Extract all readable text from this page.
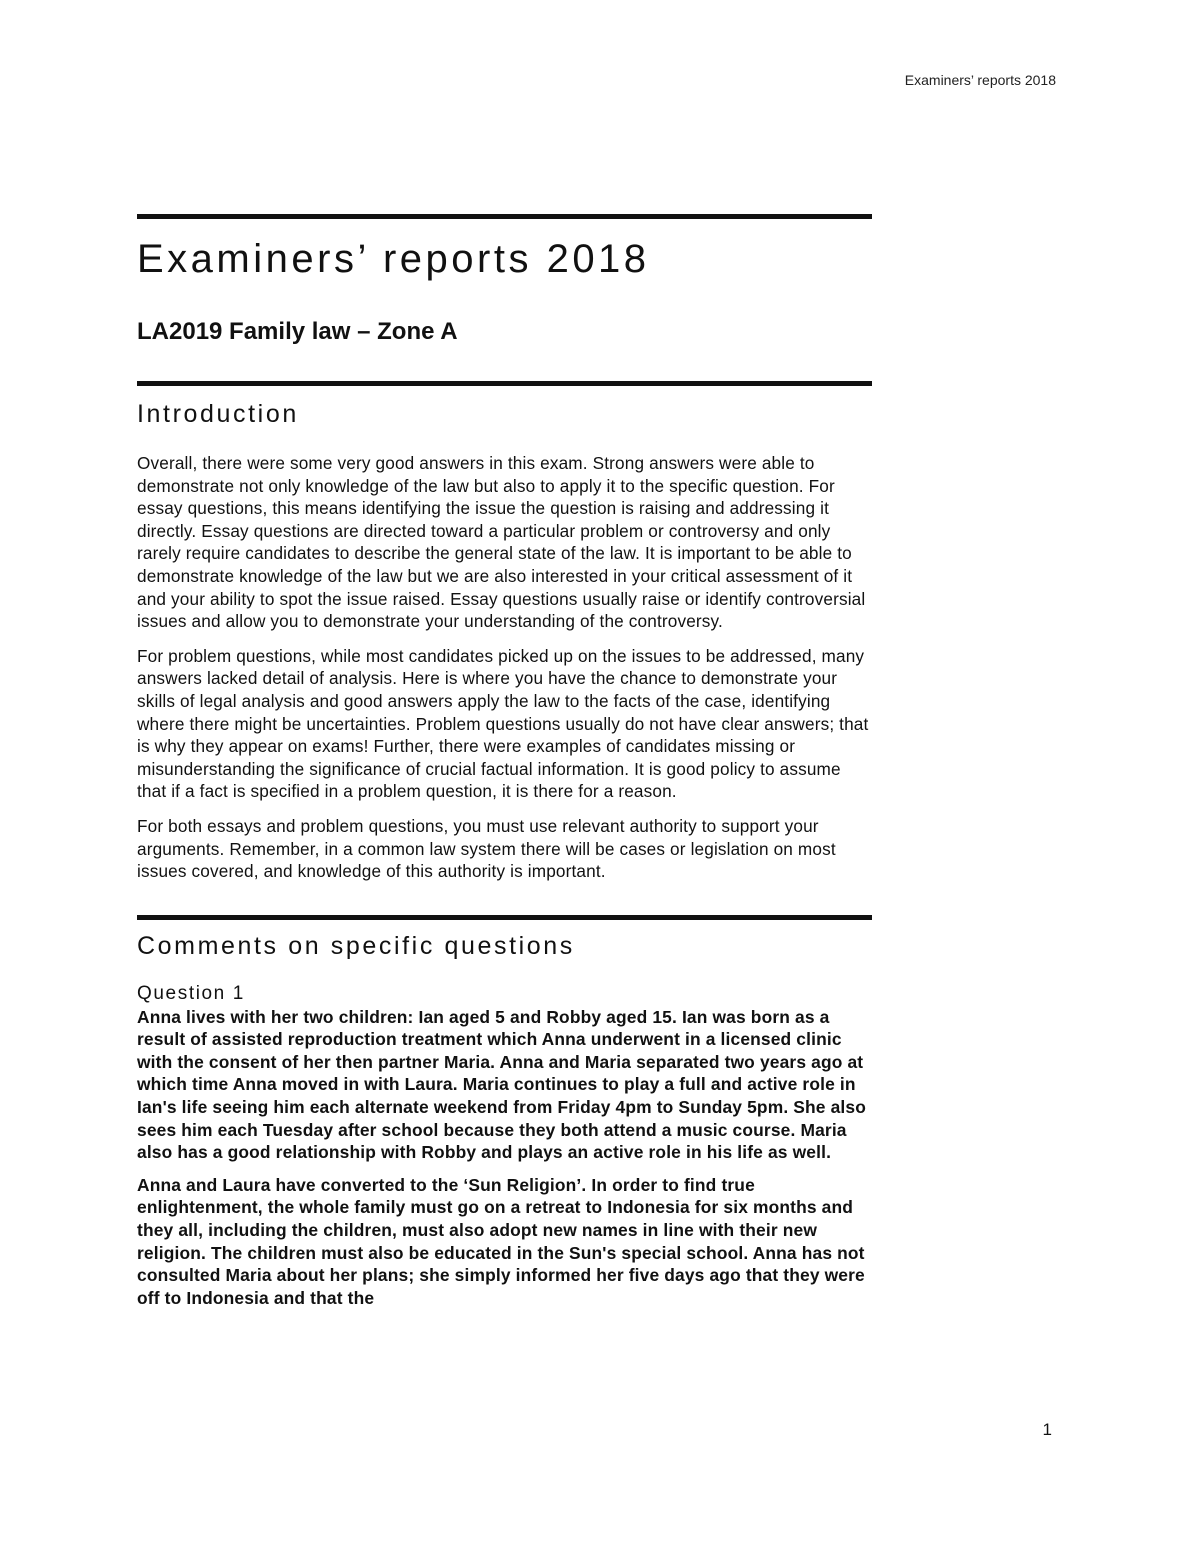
Examiners’ reports 2018
Examiners’ reports 2018
LA2019 Family law – Zone A
Introduction

Overall, there were some very good answers in this exam. Strong answers were able to demonstrate not only knowledge of the law but also to apply it to the specific question. For essay questions, this means identifying the issue the question is raising and addressing it directly. Essay questions are directed toward a particular problem or controversy and only rarely require candidates to describe the general state of the law. It is important to be able to demonstrate knowledge of the law but we are also interested in your critical assessment of it and your ability to spot the issue raised. Essay questions usually raise or identify controversial issues and allow you to demonstrate your understanding of the controversy.

For problem questions, while most candidates picked up on the issues to be addressed, many answers lacked detail of analysis. Here is where you have the chance to demonstrate your skills of legal analysis and good answers apply the law to the facts of the case, identifying where there might be uncertainties. Problem questions usually do not have clear answers; that is why they appear on exams! Further, there were examples of candidates missing or misunderstanding the significance of crucial factual information. It is good policy to assume that if a fact is specified in a problem question, it is there for a reason.

For both essays and problem questions, you must use relevant authority to support your arguments. Remember, in a common law system there will be cases or legislation on most issues covered, and knowledge of this authority is important.

Comments on specific questions
Question 1

Anna lives with her two children: Ian aged 5 and Robby aged 15. Ian was born as a result of assisted reproduction treatment which Anna underwent in a licensed clinic with the consent of her then partner Maria. Anna and Maria separated two years ago at which time Anna moved in with Laura. Maria continues to play a full and active role in Ian's life seeing him each alternate weekend from Friday 4pm to Sunday 5pm. She also sees him each Tuesday after school because they both attend a music course. Maria also has a good relationship with Robby and plays an active role in his life as well.

Anna and Laura have converted to the ‘Sun Religion’. In order to find true enlightenment, the whole family must go on a retreat to Indonesia for six months and they all, including the children, must also adopt new names in line with their new religion. The children must also be educated in the Sun's special school. Anna has not consulted Maria about her plans; she simply informed her five days ago that they were off to Indonesia and that the

1
